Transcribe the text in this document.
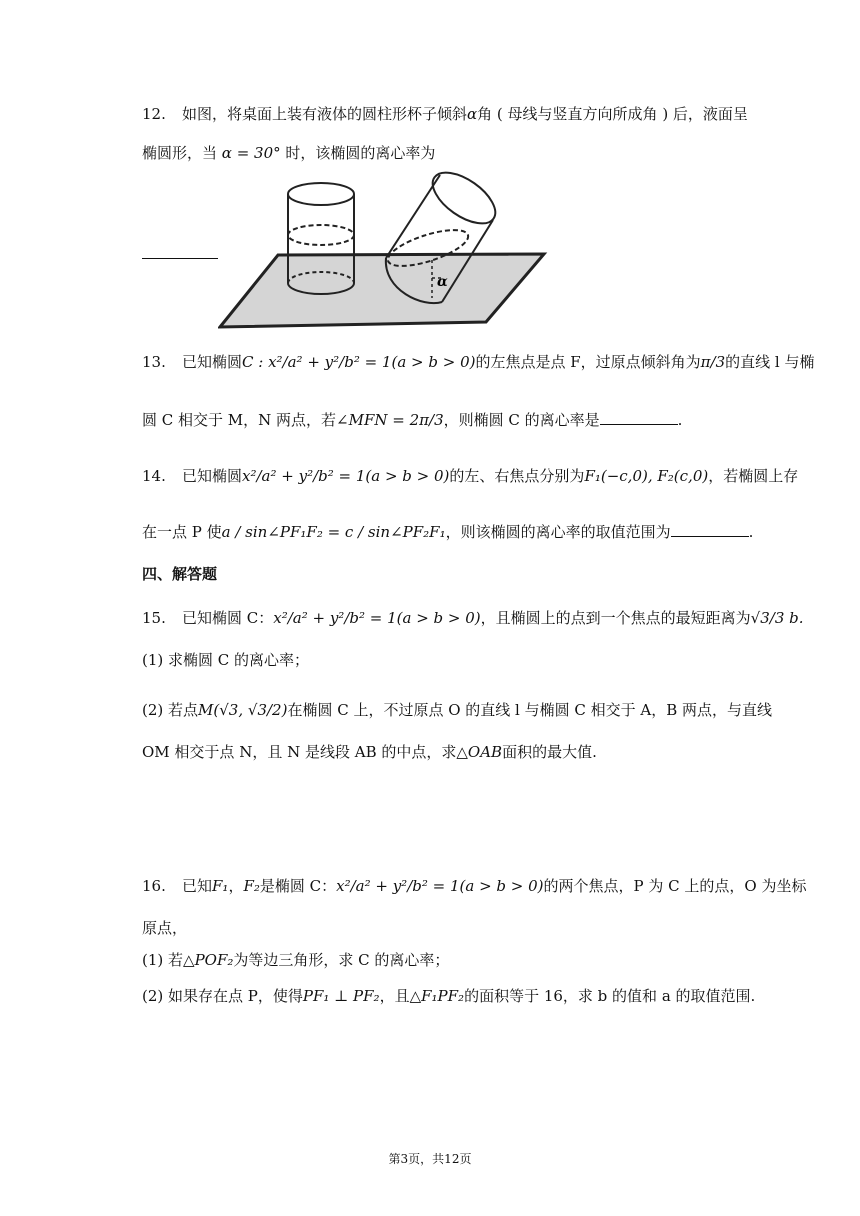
12. 如图，将桌面上装有液体的圆柱形杯子倾斜α角 ( 母线与竖直方向所成角 ) 后，液面呈
椭圆形，当 α = 30° 时，该椭圆的离心率为
α
13. 已知椭圆C : x²/a² + y²/b² = 1(a > b > 0)的左焦点是点 F，过原点倾斜角为π/3的直线 l 与椭
圆 C 相交于 M，N 两点，若∠MFN = 2π/3，则椭圆 C 的离心率是	.
14. 已知椭圆x²/a² + y²/b² = 1(a > b > 0)的左、右焦点分别为F₁(−c,0), F₂(c,0)，若椭圆上存
在一点 P 使a / sin∠PF₁F₂ = c / sin∠PF₂F₁，则该椭圆的离心率的取值范围为	.
四、解答题
15. 已知椭圆 C：x²/a² + y²/b² = 1(a > b > 0)，且椭圆上的点到一个焦点的最短距离为√3/3 b.
(1) 求椭圆 C 的离心率；
(2) 若点M(√3, √3/2)在椭圆 C 上，不过原点 O 的直线 l 与椭圆 C 相交于 A，B 两点，与直线
OM 相交于点 N，且 N 是线段 AB 的中点，求△OAB面积的最大值.
16. 已知F₁，F₂是椭圆 C：x²/a² + y²/b² = 1(a > b > 0)的两个焦点，P 为 C 上的点，O 为坐标
原点，
(1) 若△POF₂为等边三角形，求 C 的离心率；
(2) 如果存在点 P，使得PF₁ ⊥ PF₂，且△F₁PF₂的面积等于 16，求 b 的值和 a 的取值范围.
第3页，共12页
